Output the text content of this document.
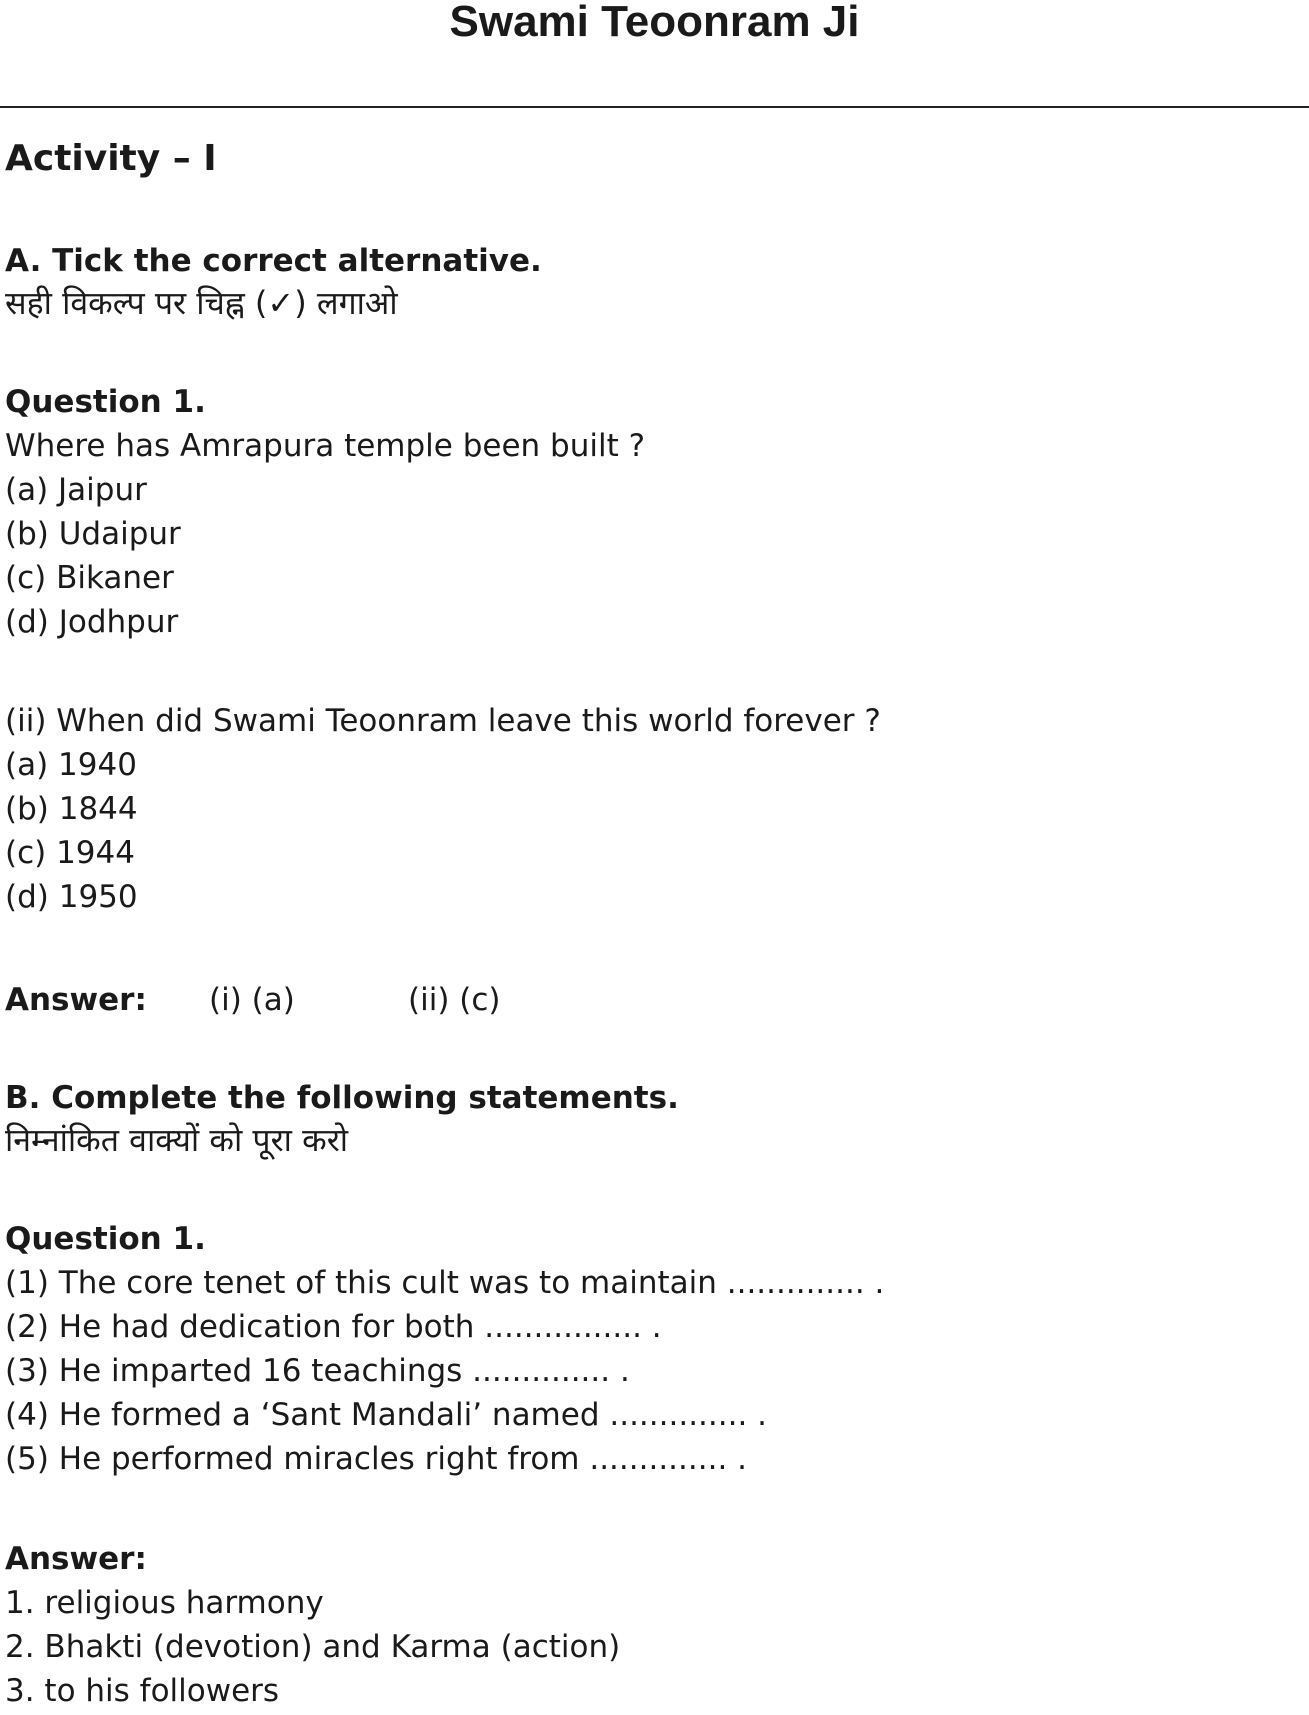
Swami Teoonram Ji
Activity – I
A. Tick the correct alternative.
सही विकल्प पर चिह्न (✓) लगाओ
Question 1.
Where has Amrapura temple been built ?
(a) Jaipur
(b) Udaipur
(c) Bikaner
(d) Jodhpur
(ii) When did Swami Teoonram leave this world forever ?
(a) 1940
(b) 1844
(c) 1944
(d) 1950
Answer: (i) (a)	(ii) (c)
B. Complete the following statements.
निम्नांकित वाक्यों को पूरा करो
Question 1.
(1) The core tenet of this cult was to maintain .............. .
(2) He had dedication for both ................ .
(3) He imparted 16 teachings .............. .
(4) He formed a ‘Sant Mandali’ named .............. .
(5) He performed miracles right from .............. .
Answer:
1. religious harmony
2. Bhakti (devotion) and Karma (action)
3. to his followers
